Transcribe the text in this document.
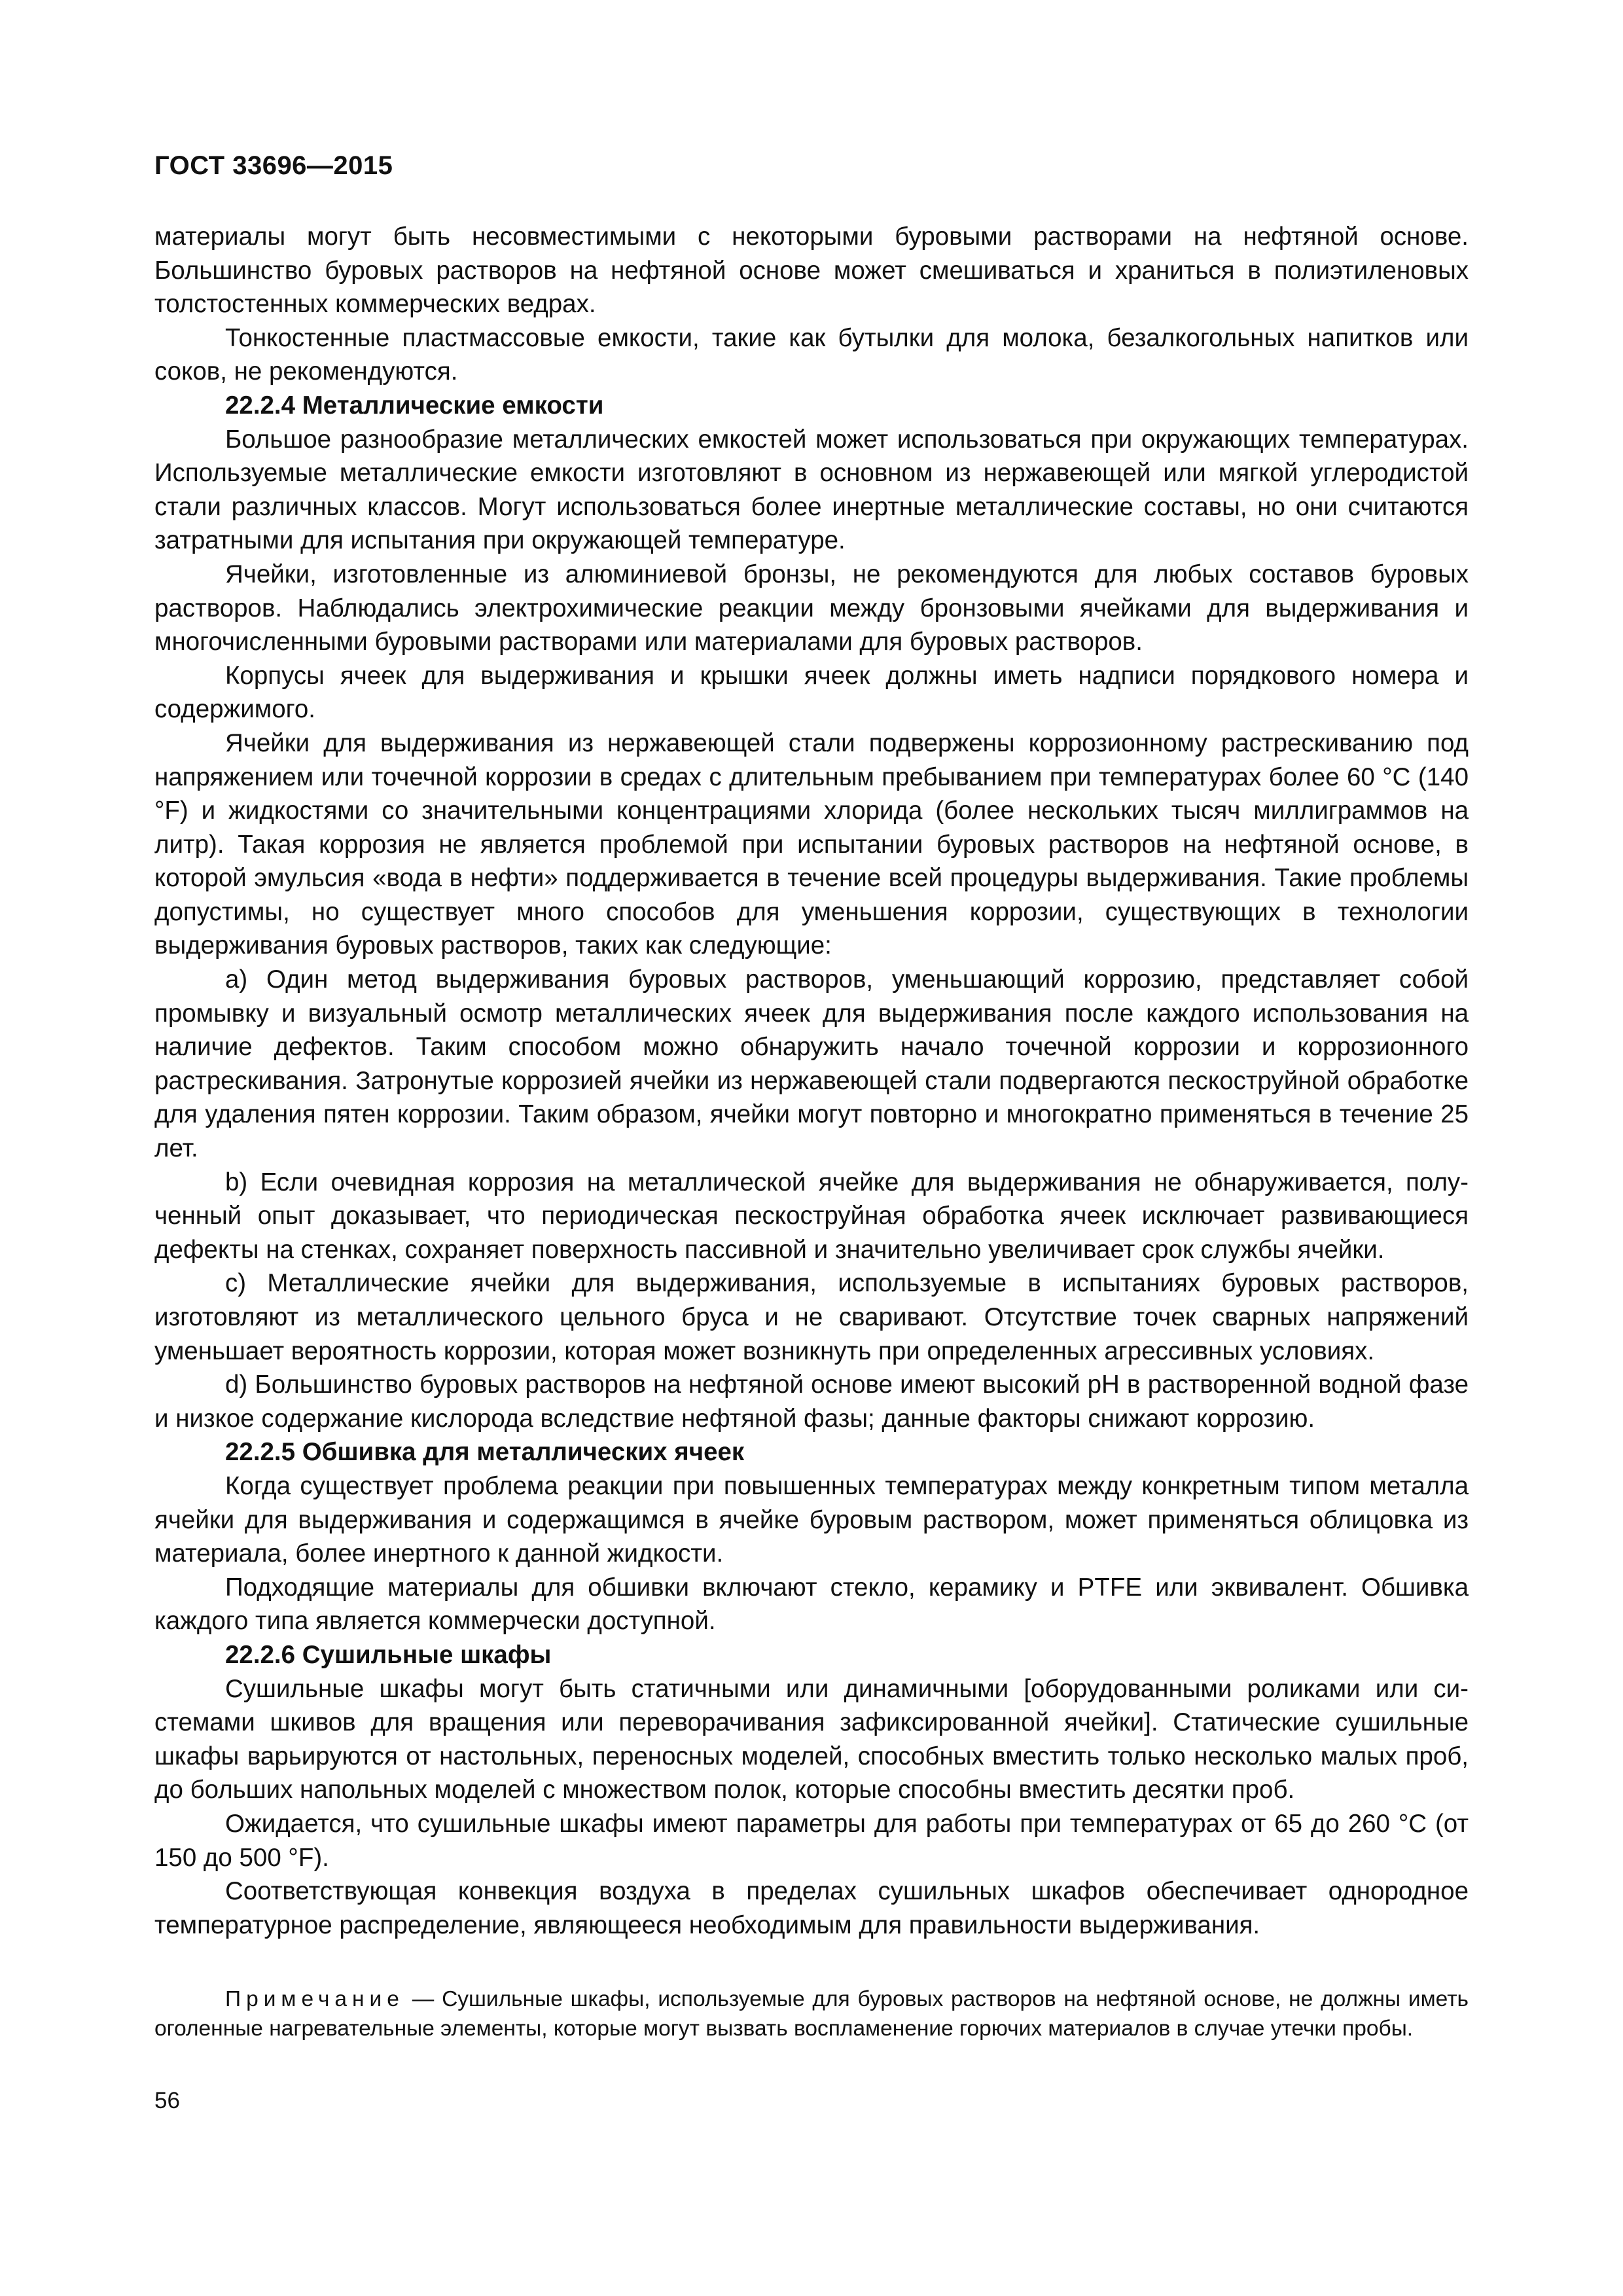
ГОСТ 33696—2015

материалы могут быть несовместимыми с некоторыми буровыми растворами на нефтяной основе. Большинство буровых растворов на нефтяной основе может смешиваться и храниться в полиэтиленовых толстостенных коммерческих ведрах.

Тонкостенные пластмассовые емкости, такие как бутылки для молока, безалкогольных напитков или соков, не рекомендуются.

22.2.4 Металлические емкости

Большое разнообразие металлических емкостей может использоваться при окружающих температурах. Используемые металлические емкости изготовляют в основном из нержавеющей или мягкой углеродистой стали различных классов. Могут использоваться более инертные металлические составы, но они считаются затратными для испытания при окружающей температуре.

Ячейки, изготовленные из алюминиевой бронзы, не рекомендуются для любых составов буровых растворов. Наблюдались электрохимические реакции между бронзовыми ячейками для выдерживания и многочисленными буровыми растворами или материалами для буровых растворов.

Корпусы ячеек для выдерживания и крышки ячеек должны иметь надписи порядкового номера и содержимого.

Ячейки для выдерживания из нержавеющей стали подвержены коррозионному растрескиванию под напряжением или точечной коррозии в средах с длительным пребыванием при температурах более 60 °С (140 °F) и жидкостями со значительными концентрациями хлорида (более нескольких тысяч миллиграммов на литр). Такая коррозия не является проблемой при испытании буровых растворов на нефтяной основе, в которой эмульсия «вода в нефти» поддерживается в течение всей процедуры выдерживания. Такие проблемы допустимы, но существует много способов для уменьшения коррозии, существующих в технологии выдерживания буровых растворов, таких как следующие:

a) Один метод выдерживания буровых растворов, уменьшающий коррозию, представляет собой промывку и визуальный осмотр металлических ячеек для выдерживания после каждого использования на наличие дефектов. Таким способом можно обнаружить начало точечной коррозии и коррозионного растрескивания. Затронутые коррозией ячейки из нержавеющей стали подвергаются пескоструйной обработке для удаления пятен коррозии. Таким образом, ячейки могут повторно и многократно применяться в течение 25 лет.

b) Если очевидная коррозия на металлической ячейке для выдерживания не обнаруживается, полученный опыт доказывает, что периодическая пескоструйная обработка ячеек исключает развивающиеся дефекты на стенках, сохраняет поверхность пассивной и значительно увеличивает срок службы ячейки.

c) Металлические ячейки для выдерживания, используемые в испытаниях буровых растворов, изготовляют из металлического цельного бруса и не сваривают. Отсутствие точек сварных напряжений уменьшает вероятность коррозии, которая может возникнуть при определенных агрессивных условиях.

d) Большинство буровых растворов на нефтяной основе имеют высокий pH в растворенной водной фазе и низкое содержание кислорода вследствие нефтяной фазы; данные факторы снижают коррозию.

22.2.5 Обшивка для металлических ячеек

Когда существует проблема реакции при повышенных температурах между конкретным типом металла ячейки для выдерживания и содержащимся в ячейке буровым раствором, может применяться облицовка из материала, более инертного к данной жидкости.

Подходящие материалы для обшивки включают стекло, керамику и PTFE или эквивалент. Обшивка каждого типа является коммерчески доступной.

22.2.6 Сушильные шкафы

Сушильные шкафы могут быть статичными или динамичными [оборудованными роликами или системами шкивов для вращения или переворачивания зафиксированной ячейки]. Статические сушильные шкафы варьируются от настольных, переносных моделей, способных вместить только несколько малых проб, до больших напольных моделей с множеством полок, которые способны вместить десятки проб.

Ожидается, что сушильные шкафы имеют параметры для работы при температурах от 65 до 260 °С (от 150 до 500 °F).

Соответствующая конвекция воздуха в пределах сушильных шкафов обеспечивает однородное температурное распределение, являющееся необходимым для правильности выдерживания.

Примечание — Сушильные шкафы, используемые для буровых растворов на нефтяной основе, не должны иметь оголенные нагревательные элементы, которые могут вызвать воспламенение горючих материалов в случае утечки пробы.
56
